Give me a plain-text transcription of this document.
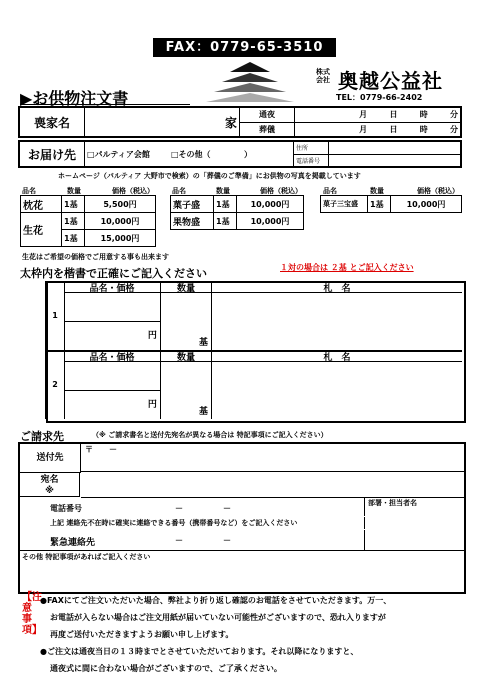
FAX：0779-65-3510
▶お供物注文書
株式
会社 奥越公益社
TEL：0779-66-2402
喪家名	家	通夜	月 日 時 分
		葬儀	月 日 時 分
お届け先	□パルティア会館	□その他（ ）	住所	
			電話番号	
ホームページ（パルティア 大野市で検索）の「葬儀のご準備」にお供物の写真を掲載しています
品名	数量	価格（税込）
枕花	1基	5,500円
生花	1基	10,000円
	1基	15,000円
品名	数量	価格（税込）
菓子盛	1基	10,000円
果物盛	1基	10,000円
品名	数量	価格（税込）
菓子三宝盛	1基	10,000円
生花はご希望の価格でご用意する事も出来ます
太枠内を楷書で正確にご記入ください	１対の場合は ２基 とご記入ください
1
品名・価格
円
数量
基
札　名
2
品名・価格
円
数量
基
札　名
ご請求先	（※ ご請求書名と送付先宛名が異なる場合は 特記事項にご記入ください）
送付先
〒　　－
宛名
※
電話番号	－　　　　　－
部署・担当者名
上記 連絡先不在時に確実に連絡できる番号（携帯番号など）をご記入ください
緊急連絡先	－　　　　　－
その他 特記事項があればご記入ください
【注意事項】
●FAXにてご注文いただいた場合、弊社より折り返し確認のお電話をさせていただきます。万一、
お電話が入らない場合はご注文用紙が届いていない可能性がございますので、恐れ入りますが
再度ご送付いただきますようお願い申し上げます。
●ご注文は通夜当日の１３時までとさせていただいております。それ以降になりますと、
通夜式に間に合わない場合がございますので、ご了承ください。
